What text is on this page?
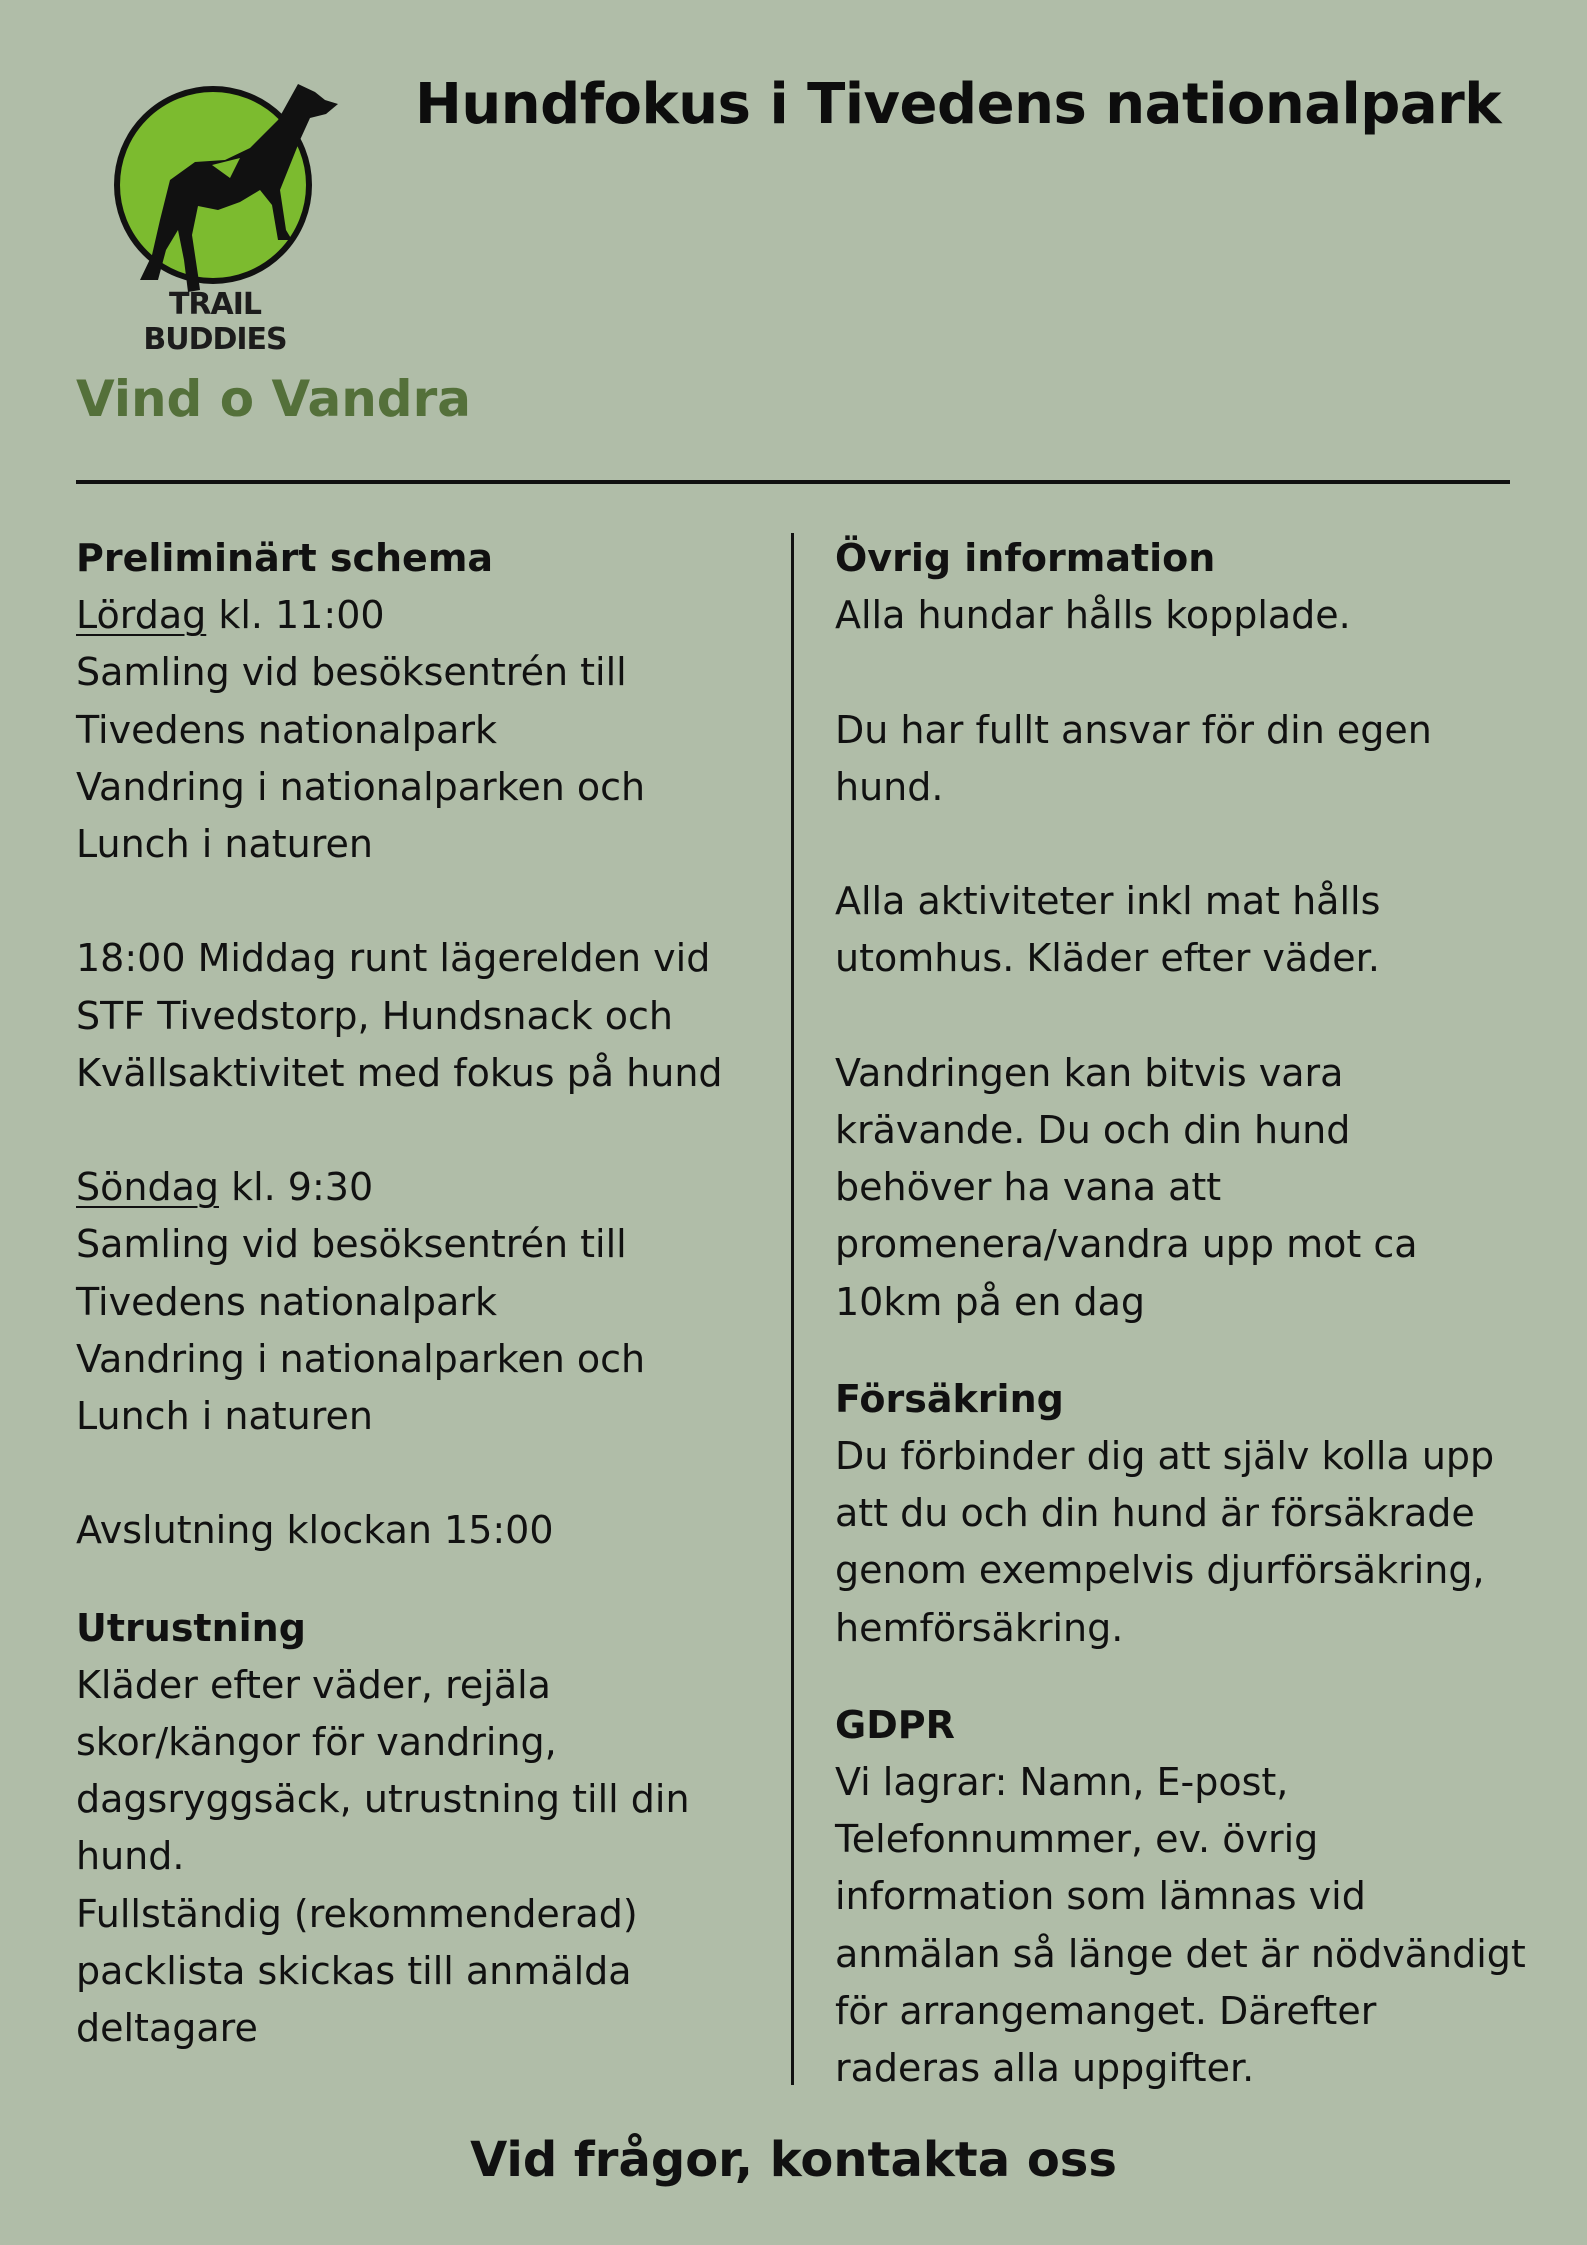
TRAIL BUDDIES
Hundfokus i Tivedens nationalpark
Vind o Vandra

Preliminärt schema

Lördag kl. 11:00

Samling vid besöksentrén till

Tivedens nationalpark

Vandring i nationalparken och

Lunch i naturen

18:00 Middag runt lägerelden vid

STF Tivedstorp, Hundsnack och

Kvällsaktivitet med fokus på hund

Söndag kl. 9:30

Samling vid besöksentrén till

Tivedens nationalpark

Vandring i nationalparken och

Lunch i naturen

Avslutning klockan 15:00

Utrustning

Kläder efter väder, rejäla

skor/kängor för vandring,

dagsryggsäck, utrustning till din

hund.

Fullständig (rekommenderad)

packlista skickas till anmälda

deltagare

Övrig information

Alla hundar hålls kopplade.

Du har fullt ansvar för din egen

hund.

Alla aktiviteter inkl mat hålls

utomhus. Kläder efter väder.

Vandringen kan bitvis vara

krävande. Du och din hund

behöver ha vana att

promenera/vandra upp mot ca

10km på en dag

Försäkring

Du förbinder dig att själv kolla upp

att du och din hund är försäkrade

genom exempelvis djurförsäkring,

hemförsäkring.

GDPR

Vi lagrar: Namn, E-post,

Telefonnummer, ev. övrig

information som lämnas vid

anmälan så länge det är nödvändigt

för arrangemanget. Därefter

raderas alla uppgifter.

Vid frågor, kontakta oss
